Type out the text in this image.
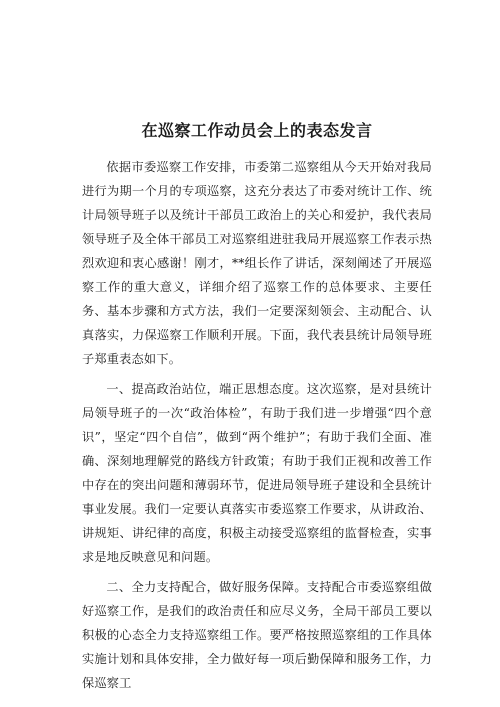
在巡察工作动员会上的表态发言

依据市委巡察工作安排，市委第二巡察组从今天开始对我局进行为期一个月的专项巡察，这充分表达了市委对统计工作、统计局领导班子以及统计干部员工政治上的关心和爱护，我代表局领导班子及全体干部员工对巡察组进驻我局开展巡察工作表示热烈欢迎和衷心感谢！刚才，**组长作了讲话，深刻阐述了开展巡察工作的重大意义，详细介绍了巡察工作的总体要求、主要任务、基本步骤和方式方法，我们一定要深刻领会、主动配合、认真落实，力保巡察工作顺利开展。下面，我代表县统计局领导班子郑重表态如下。

一、提高政治站位，端正思想态度。这次巡察，是对县统计局领导班子的一次“政治体检”，有助于我们进一步增强“四个意识”，坚定“四个自信”，做到“两个维护”；有助于我们全面、准确、深刻地理解党的路线方针政策；有助于我们正视和改善工作中存在的突出问题和薄弱环节，促进局领导班子建设和全县统计事业发展。我们一定要认真落实市委巡察工作要求，从讲政治、讲规矩、讲纪律的高度，积极主动接受巡察组的监督检查，实事求是地反映意见和问题。

二、全力支持配合，做好服务保障。支持配合市委巡察组做好巡察工作，是我们的政治责任和应尽义务，全局干部员工要以积极的心态全力支持巡察组工作。要严格按照巡察组的工作具体实施计划和具体安排，全力做好每一项后勤保障和服务工作，力保巡察工
